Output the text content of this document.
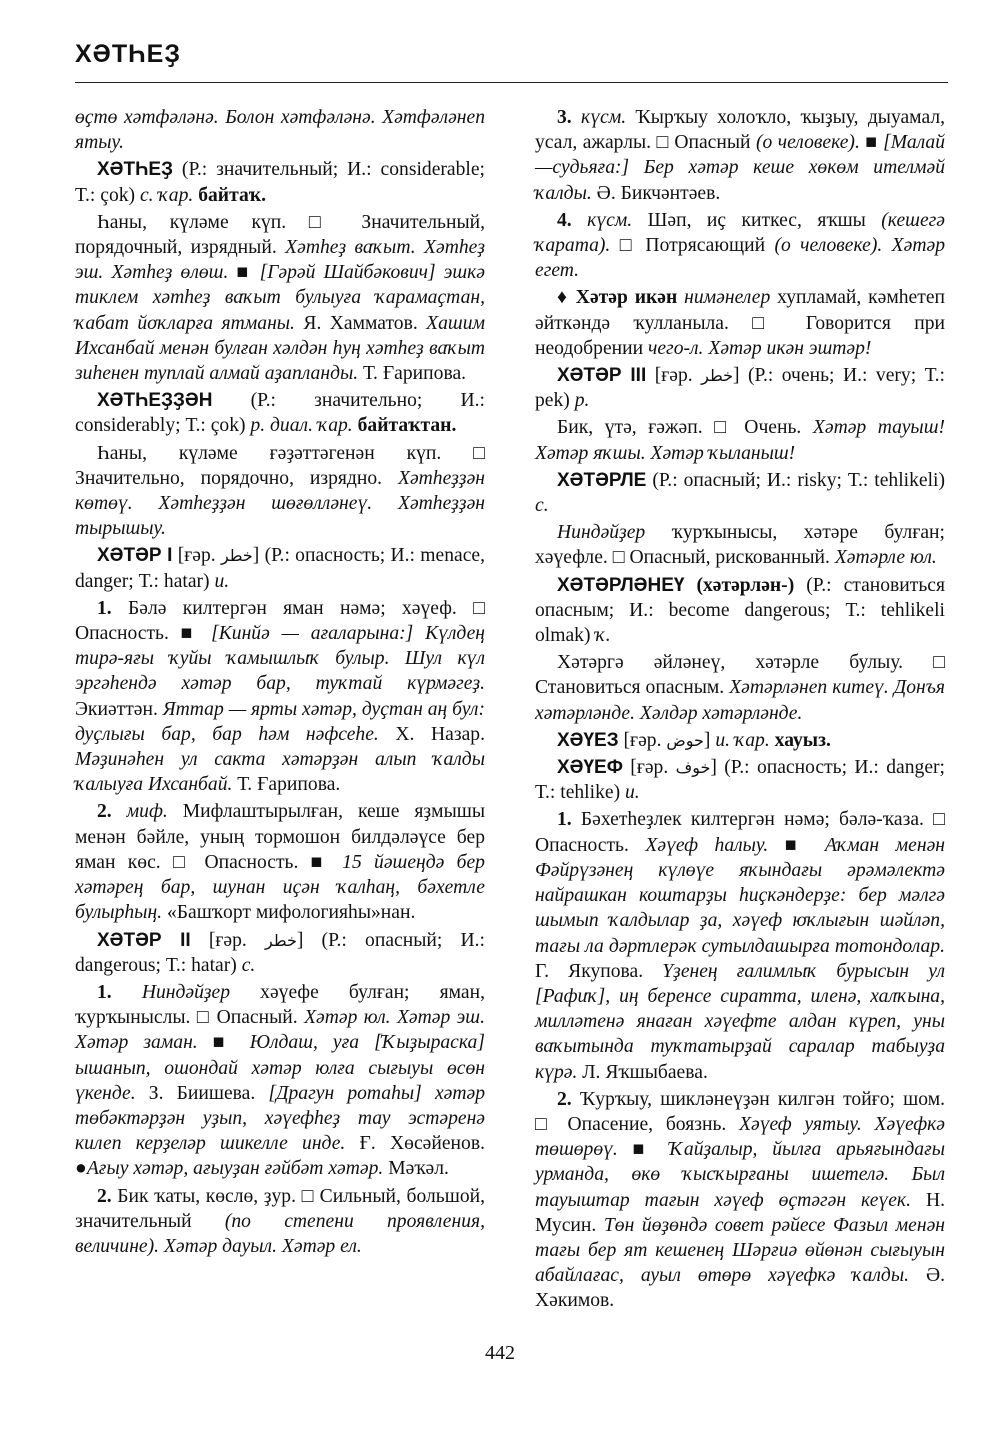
ХӘТҺЕҘ

өҫтө хәтфәләнә. Болон хәтфәләнә. Хәтфәләнеп ятыу.

ХӘТҺЕҘ (Р.: значительный; И.: considerable; Т.: çok) с. ҡар. байтаҡ.

Һаны, күләме күп. □ Значительный, порядочный, изрядный. Хәтһеҙ ваҡыт. Хәтһеҙ эш. Хәтһеҙ өлөш. ■ [Гәрәй Шайбәкович] эшкә тиклем хәтһеҙ ваҡыт булыуға ҡарамаҫтан, ҡабат йоҡларға ятманы. Я. Хамматов. Хашим Ихсанбай менән булған хәлдән һуң хәтһеҙ ваҡыт зиһенен туплай алмай аҙапланды. Т. Ғарипова.

ХӘТҺЕҘҘӘН (Р.: значительно; И.: considerably; Т.: çok) р. диал. ҡар. байтаҡтан.

Һаны, күләме ғәҙәттәгенән күп. □ Значительно, порядочно, изрядно. Хәтһеҙҙән көтөү. Хәтһеҙҙән шөғөлләнеү. Хәтһеҙҙән тырышыу.

ХӘТӘР I [ғәр. خطر] (Р.: опасность; И.: menace, danger; Т.: hatar) и.

1. Бәлә килтергән яман нәмә; хәүеф. □ Опасность. ■ [Кинйә — ағаларына:] Күлдең тирә-яғы ҡуйы ҡамышлыҡ булыр. Шул күл эргәһендә хәтәр бар, туҡтай күрмәгеҙ. Экиәттән. Яттар — ярты хәтәр, дуҫтан аң бул: дуҫлығы бар, бар һәм нәфсеһе. Х. Назар. Мәҙинәһен ул сакта хәтәрҙән алып ҡалды ҡалыуға Ихсанбай. Т. Ғарипова.

2. миф. Мифлаштырылған, кеше яҙмышы менән бәйле, уның тормошон билдәләүсе бер яман көс. □ Опасность. ■ 15 йәшеңдә бер хәтәрең бар, шунан иҫән ҡалһаң, бәхетле булырһың. «Башҡорт мифологияһы»нан.

ХӘТӘР II [ғәр. خطر] (Р.: опасный; И.: dangerous; Т.: hatar) с.

1. Ниндәйҙер хәүефе булған; яман, ҡурҡыныслы. □ Опасный. Хәтәр юл. Хәтәр эш. Хәтәр заман. ■ Юлдаш, уға [Ҡыҙыраска] ышанып, ошондай хәтәр юлға сығыуы өсөн үкенде. З. Биишева. [Драгун ротаһы] хәтәр төбәктәрҙән уҙып, хәүефһеҙ тау эстәренә килеп керҙеләр шикелле инде. Ғ. Хөсәйенов. ●Ағыу хәтәр, ағыуҙан ғәйбәт хәтәр. Мәҡәл.

2. Бик ҡаты, көслө, ҙур. □ Сильный, большой, значительный (по степени проявления, величине). Хәтәр дауыл. Хәтәр ел.

3. күсм. Ҡырҡыу холоҡло, ҡыҙыу, дыуамал, усал, ажарлы. □ Опасный (о человеке). ■ [Малай —судьяға:] Бер хәтәр кеше хөкөм ителмәй ҡалды. Ә. Бикчәнтәев.

4. күсм. Шәп, иҫ киткес, яҡшы (кешегә ҡарата). □ Потрясающий (о человеке). Хәтәр егет.

♦ Хәтәр икән нимәнелер хупламай, кәмһетеп әйткәндә ҡулланыла. □ Говорится при неодобрении чего-л. Хәтәр икән эштәр!

ХӘТӘР III [ғәр. خطر] (Р.: очень; И.: very; Т.: pek) р.

Бик, үтә, ғәжәп. □ Очень. Хәтәр тауыш! Хәтәр яҡшы. Хәтәр ҡыланыш!

ХӘТӘРЛЕ (Р.: опасный; И.: risky; Т.: tehlikeli) с.

Ниндәйҙер ҡурҡынысы, хәтәре булған; хәүефле. □ Опасный, рискованный. Хәтәрле юл.

ХӘТӘРЛӘНЕҮ (хәтәрлән-) (Р.: становиться опасным; И.: become dangerous; Т.: tehlikeli olmak) ҡ.

Хәтәргә әйләнеү, хәтәрле булыу. □ Становиться опасным. Хәтәрләнеп китеү. Донъя хәтәрләнде. Хәлдәр хәтәрләнде.

ХӘҮЕЗ [ғәр. حوض] и. ҡар. хауыз.

ХӘҮЕФ [ғәр. خوف] (Р.: опасность; И.: danger; Т.: tehlike) и.

1. Бәхетһеҙлек килтергән нәмә; бәлә-ҡаза. □ Опасность. Хәүеф һалыу. ■ Аҡман менән Фәйрүзәнең күлөүе яҡындағы әрәмәлектә найрашкан коштарҙы һиҫкәндерҙе: бер мәлгә шымып ҡалдылар ҙа, хәүеф юҡлығын шәйләп, тағы ла дәртлерәк сутылдашырға тотондолар. Г. Якупова. Үҙенең ғалимлыҡ бурысын ул [Рафиҡ], иң беренсе сиратта, иленә, халҡына, милләтенә янаған хәүефте алдан күреп, уны ваҡытында туҡтатырҙай саралар табыуҙа күрә. Л. Яҡшыбаева.

2. Ҡурҡыу, шикләнеүҙән килгән тойғо; шом. □ Опасение, боязнь. Хәүеф уятыу. Хәүефкә төшөрөү. ■ Ҡайҙалыр, йылға арьяғындағы урманда, өкө ҡысҡырғаны ишетелә. Был тауыштар тағын хәүеф өҫтәгән кеүек. Н. Мусин. Төн йөҙөндә совет рәйесе Фазыл менән тағы бер ят кешенең Шәрғиә өйөнән сығыуын абайлағас, ауыл өтөрө хәүефкә ҡалды. Ә. Хәкимов.

442
